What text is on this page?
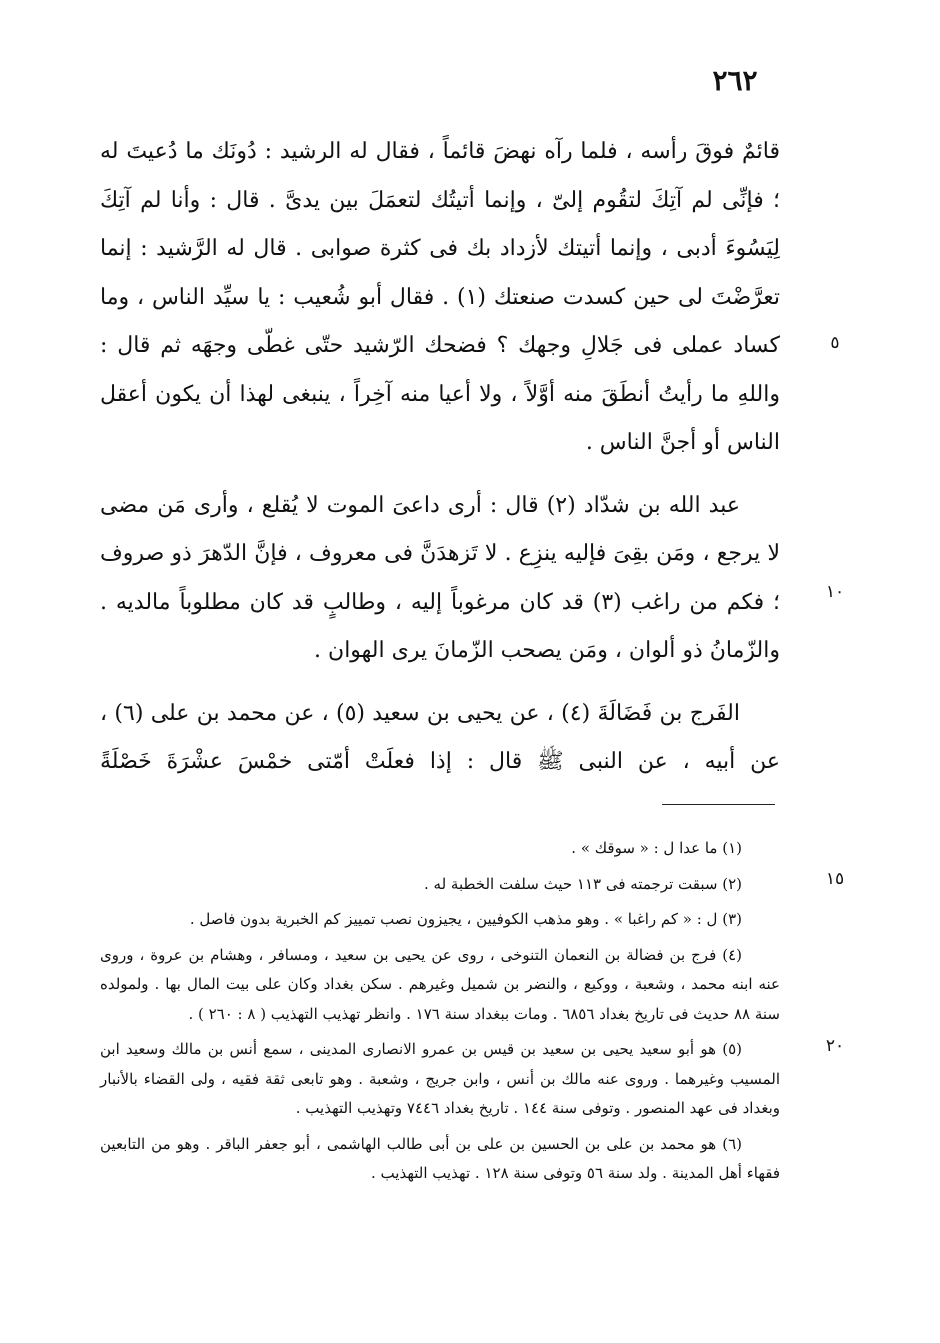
٢٦٢
٥
١٠
١٥
٢٠

قائمٌ فوقَ رأسه ، فلما رآه نهضَ قائماً ، فقال له الرشيد : دُونَك ما دُعيتَ له ؛ فإنِّى لم آتِكَ لتقُوم إلىّ ، وإنما أتيتُك لتعمَلَ بين يدىَّ . قال : وأنا لم آتِكَ لِيَسُوءَ أدبى ، وإنما أتيتك لأزداد بك فى كثرة صوابى . قال له الرَّشيد : إنما تعرَّضْتَ لى حين كسدت صنعتك (١) . فقال أبو شُعيب : يا سيِّد الناس ، وما كساد عملى فى جَلالِ وجهك ؟ فضحك الرّشيد حتّى غطّى وجهَه ثم قال : واللهِ ما رأيتُ أنطَقَ منه أوَّلاً ، ولا أعيا منه آخِراً ، ينبغى لهذا أن يكون أعقل الناس أو أجنَّ الناس .

عبد الله بن شدّاد (٢) قال : أرى داعىَ الموت لا يُقلع ، وأرى مَن مضى لا يرجع ، ومَن بقِىَ فإليه ينزِع . لا تَزهدَنَّ فى معروف ، فإنَّ الدّهرَ ذو صروف ؛ فكم من راغب (٣) قد كان مرغوباً إليه ، وطالبٍ قد كان مطلوباً مالديه . والزّمانُ ذو ألوان ، ومَن يصحب الزّمانَ يرى الهوان .

الفَرج بن فَضَالَةَ (٤) ، عن يحيى بن سعيد (٥) ، عن محمد بن على (٦) ، عن أبيه ، عن النبى ﷺ قال : إذا فعلَتْ أمّتى خمْسَ عشْرَةَ خَصْلَةً

(١) ما عدا ل : « سوقك » .

(٢) سبقت ترجمته فى ١١٣ حيث سلفت الخطبة له .

(٣) ل : « كم راغبا » . وهو مذهب الكوفيين ، يجيزون نصب تمييز كم الخبرية بدون فاصل .

(٤) فرج بن فضالة بن النعمان التنوخى ، روى عن يحيى بن سعيد ، ومسافر ، وهشام بن عروة ، وروى عنه ابنه محمد ، وشعبة ، ووكيع ، والنضر بن شميل وغيرهم . سكن بغداد وكان على بيت المال بها . ولمولده سنة ٨٨ حديث فى تاريخ بغداد ٦٨٥٦ . ومات ببغداد سنة ١٧٦ . وانظر تهذيب التهذيب ( ٨ : ٢٦٠ ) .

(٥) هو أبو سعيد يحيى بن سعيد بن قيس بن عمرو الانصارى المدينى ، سمع أنس بن مالك وسعيد ابن المسيب وغيرهما . وروى عنه مالك بن أنس ، وابن جريج ، وشعبة . وهو تابعى ثقة فقيه ، ولى القضاء بالأنبار وبغداد فى عهد المنصور . وتوفى سنة ١٤٤ . تاريخ بغداد ٧٤٤٦ وتهذيب التهذيب .

(٦) هو محمد بن على بن الحسين بن على بن أبى طالب الهاشمى ، أبو جعفر الباقر . وهو من التابعين فقهاء أهل المدينة . ولد سنة ٥٦ وتوفى سنة ١٢٨ . تهذيب التهذيب .
